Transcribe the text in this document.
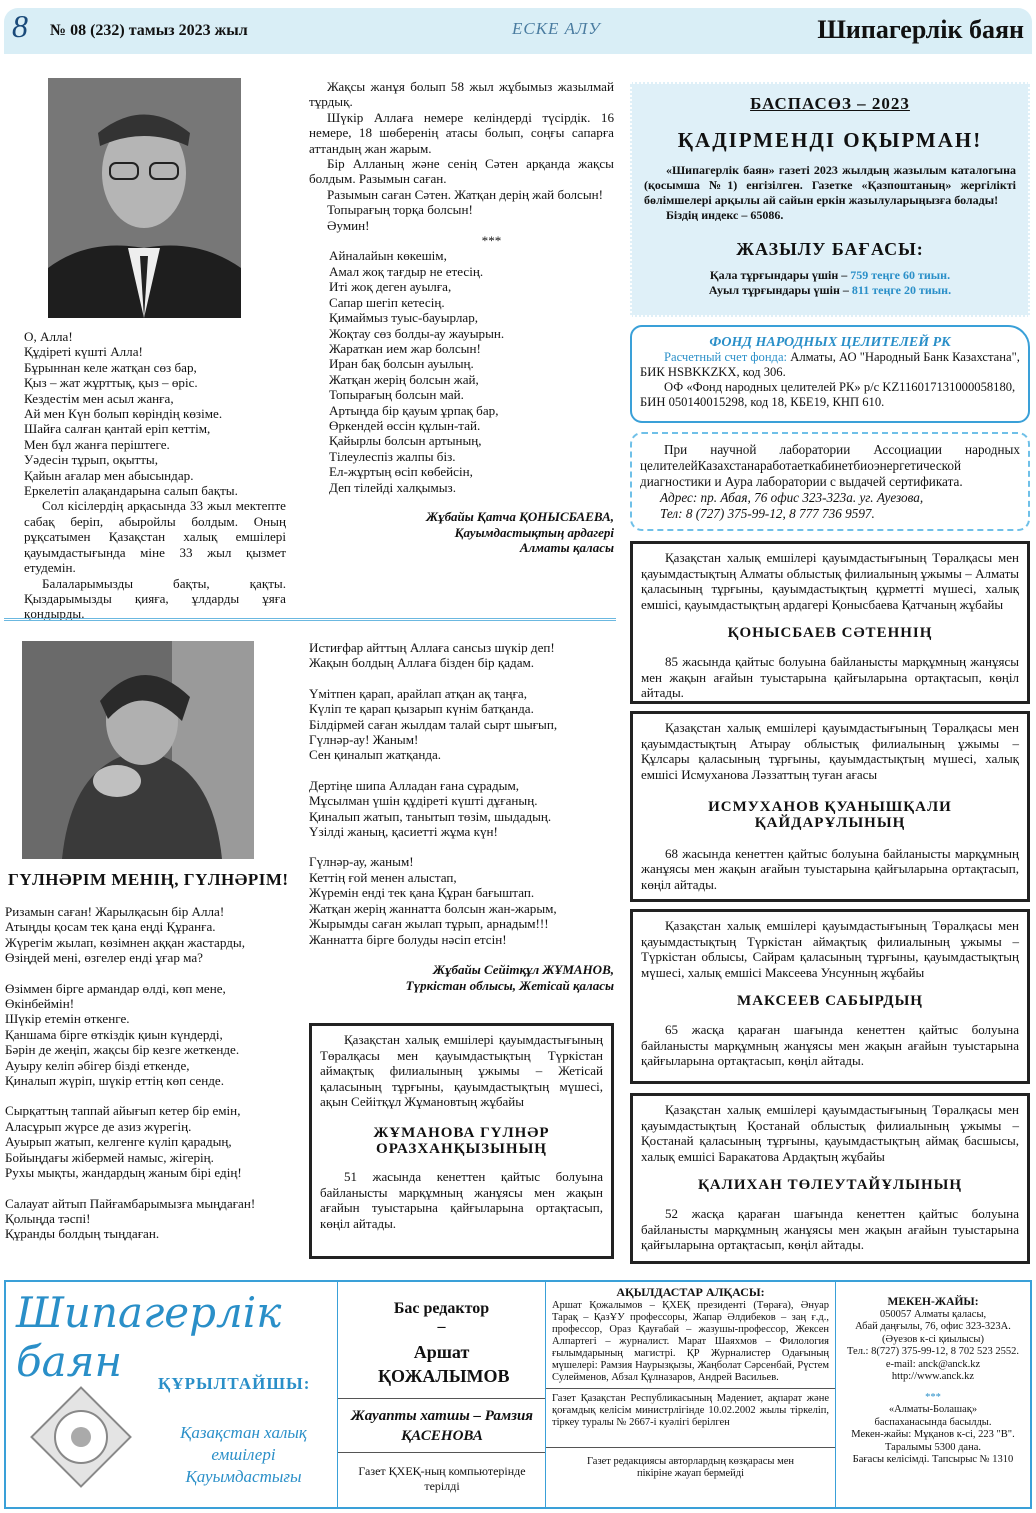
8 № 08 (232) тамыз 2023 жыл	ЕСКЕ АЛУ	Шипагерлік баян
О, Алла!
Құдіреті күшті Алла!
Бұрыннан келе жатқан сөз бар,
Қыз – жат жұрттық, қыз – өріс.
Кездестім мен асыл жанға,
Ай мен Күн болып көріндің көзіме.
Шайға салған қантай еріп кеттім,
Мен бұл жанға періштеге.
Уәдесін тұрып, оқытты,
Қайын ағалар мен абысындар.
Еркелетіп алақандарына салып бақты.

Сол кісілердің арқасында 33 жыл мектепте сабақ беріп, абыройлы болдым. Оның рұқсатымен Қазақстан халық емшілері қауымдастығында міне 33 жыл қызмет етудемін.

Балаларымызды бақты, қақты. Қыздарымызды қияға, ұлдарды ұяға қондырды.

Жақсы жанұя болып 58 жыл жұбымыз жазылмай тұрдық.
Шүкір Аллаға немере келіндерді түсірдік. 16 немере, 18 шөберенің атасы болып, соңғы сапарға аттандың жан жарым.
Бір Алланың және сенің Сәтен арқанда жақсы болдым. Разымын саған.
Разымын саған Сәтен. Жатқан дерің жай болсын!
Топырағың торқа болсын!
Әумин!
***
Айналайын көкешім,
Амал жоқ тағдыр не етесің.
Иті жоқ деген ауылға,
Сапар шегіп кетесің.
Қимаймыз туыс-бауырлар,
Жоқтау сөз болды-ау жауырын.
Жараткан ием жар болсын!
Иран бақ болсын ауылың.
Жатқан жерің болсын жай,
Топырағың болсын май.
Артыңда бір қауым ұрпақ бар,
Өркендей өссін құлын-тай.
Қайырлы болсын артының,
Тілеулеспіз жалпы біз.
Ел-жұртың өсіп көбейсін,
Деп тілейді халқымыз.
Жұбайы Қатча ҚОНЫСБАЕВА,
Қауымдастықтың ардагері
Алматы қаласы
БАСПАСӨЗ – 2023
ҚАДІРМЕНДІ ОҚЫРМАН!

«Шипагерлік баян» газеті 2023 жылдың жазылым каталогына (қосымша №1) енгізілген. Газетке «Қазпоштаның» жергілікті бөлімшелері арқылы ай сайын еркін жазылуларыңызға болады!

Біздің индекс – 65086.

ЖАЗЫЛУ БАҒАСЫ:
Қала тұрғындары үшін – 759 теңге 60 тиын.
Ауыл тұрғындары үшін – 811 теңге 20 тиын.
ФОНД НАРОДНЫХ ЦЕЛИТЕЛЕЙ РК

Расчетный счет фонда: Алматы, АО "Народный Банк Казахстана", БИК HSBKKZKX, код 306.

ОФ «Фонд народных целителей РК» р/с KZ116017131000058180, БИН 050140015298, код 18, КБЕ19, КНП 610.

При научной лаборатории Ассоциации народных целителейКазахстанаработаеткабинетбиоэнергетической диагностики и Аура лаборатории с выдачей сертификата.

Адрес: пр. Абая, 76 офис 323-323а. уг. Ауезова,

Тел: 8 (727) 375-99-12, 8 777 736 9597.

Қазақстан халық емшілері қауымдастығының Төралқасы мен қауымдастықтың Алматы облыстық филиалының ұжымы – Алматы қаласының тұрғыны, қауымдастықтың құрметті мүшесі, халық емшісі, қауымдастықтың ардагері Қонысбаева Қатчаның жұбайы

ҚОНЫСБАЕВ СӘТЕННІҢ

85 жасында қайтыс болуына байланысты марқұмның жанұясы мен жақын ағайын туыстарына қайғыларына ортақтасып, көңіл айтады.

Қазақстан халық емшілері қауымдастығының Төралқасы мен қауымдастықтың Атырау облыстық филиалының ұжымы – Құлсары қаласының тұрғыны, қауымдастықтың мүшесі, халық емшісі Исмуханова Ләззаттың туған ағасы

ИСМУХАНОВ ҚУАНЫШҚАЛИ ҚАЙДАРҰЛЫНЫҢ

68 жасында кенеттен қайтыс болуына байланысты марқұмның жанұясы мен жақын ағайын туыстарына қайғыларына ортақтасып, көңіл айтады.

Қазақстан халық емшілері қауымдастығының Төралқасы мен қауымдастықтың Түркістан аймақтық филиалының ұжымы – Түркістан облысы, Сайрам қаласының тұрғыны, қауымдастықтың мүшесі, халық емшісі Максеева Унсунның жұбайы

МАКСЕЕВ САБЫРДЫҢ

65 жасқа қараған шағында кенеттен қайтыс болуына байланысты марқұмның жанұясы мен жақын ағайын туыстарына қайғыларына ортақтасып, көңіл айтады.

Қазақстан халық емшілері қауымдастығының Төралқасы мен қауымдастықтың Қостанай облыстық филиалының ұжымы – Қостанай қаласының тұрғыны, қауымдастықтың аймақ басшысы, халық емшісі Баракатова Ардақтың жұбайы

ҚАЛИХАН ТӨЛЕУТАЙҰЛЫНЫҢ

52 жасқа қараған шағында кенеттен қайтыс болуына байланысты марқұмның жанұясы мен жақын ағайын туыстарына қайғыларына ортақтасып, көңіл айтады.

ГҮЛНӘРІМ МЕНІҢ, ГҮЛНӘРІМ!
Ризамын саған! Жарылқасын бір Алла!
Атыңды қосам тек қана еңді Құранға.
Жүрегім жылап, көзімнен аққан жастарды,
Өзіңдей мені, өзгелер енді ұғар ма?
Өзіммен бірге армандар өлді, көп мене,
Өкінбеймін!
Шүкір етемін өткенге.
Қаншама бірге өткіздік қиын күндерді,
Бәрін де жеңіп, жақсы бір кезге жеткенде.
Ауыру келіп әбігер бізді еткенде,
Қиналып жүріп, шүкір еттің көп сенде.
Сырқаттың таппай айығып кетер бір емін,
Аласұрып жүрсе де азиз жүрегің.
Ауырып жатып, келгенге күліп қарадың,
Бойыңдағы жібермей намыс, жігерің.
Рухы мықты, жандардың жаным бірі едің!
Салауат айтып Пайғамбарымызға мыңдаған!
Қолыңда тәспі!
Құранды болдың тыңдаған.
Истиғфар айттың Аллаға сансыз шүкір деп!
Жақын болдың Аллаға бізден бір қадам.
Үмітпен қарап, арайлап атқан ақ таңға,
Күліп те қарап қызарып күнім батқанда.
Білдірмей саған жылдам талай сырт шығып,
Гүлнәр-ау! Жаным!
Сен қиналып жатқанда.
Дертіңе шипа Алладан ғана сұрадым,
Мұсылман үшін құдіреті күшті дұғаның.
Қиналып жатып, танытып төзім, шыдадың.
Үзілді жаның, қасиетті жұма күн!
Гүлнәр-ау, жаным!
Кеттің ғой менен алыстап,
Жүремін енді тек қана Құран бағыштап.
Жатқан жерің жаннатта болсын жан-жарым,
Жырымды саған жылап тұрып, арнадым!!!
Жаннатта бірге болуды нәсіп етсін!
Жұбайы Сейітқұл ЖҰМАНОВ,
Түркістан облысы, Жетісай қаласы

Қазақстан халық емшілері қауымдастығының Төралқасы мен қауымдастықтың Түркістан аймақтық филиалының ұжымы – Жетісай қаласының тұрғыны, қауымдастықтың мүшесі, ақын Сейітқұл Жұмановтың жұбайы

ЖҰМАНОВА ГҮЛНӘР ОРАЗХАНҚЫЗЫНЫҢ

51 жасында кенеттен қайтыс болуына байланысты марқұмның жанұясы мен жақын ағайын туыстарына қайғыларына ортақтасып, көңіл айтады.

Шипагерлік баян	ҚҰРЫЛТАЙШЫ:
Қазақстан халық емшілері Қауымдастығы
Бас редактор
–
Аршат ҚОЖАЛЫМОВ
Жауапты хатшы – Рамзия ҚАСЕНОВА
Газет ҚХЕҚ-ның компьютерінде терілді
АҚЫЛДАСТАР АЛҚАСЫ:

Аршат Қожалымов – ҚХЕҚ президенті (Төраға), Әнуар Тарақ – ҚазҰУ профессоры, Жапар Әлдибеков – заң ғ.д., профессор, Ораз Қауғабай – жазушы-профессор, Жексен Алпартегі – журналист. Марат Шаяхмов – Филология ғылымдарының магистрі. ҚР Журналистер Одағының мүшелері: Рамзия Наурызқызы, Жаңболат Сәрсенбай, Рүстем Сулейменов, Абзал Құлназаров, Андрей Васильев.

Газет Қазақстан Республикасының Мәдениет, ақпарат және қоғамдық келісім министрлігінде 10.02.2002 жылы тіркеліп, тіркеу туралы № 2667-і куәлігі берілген

Газет редакциясы авторлардың көзқарасы мен пікіріне жауап бермейді

МЕКЕН-ЖАЙЫ:
050057 Алматы қаласы,
Абай даңғылы, 76, офис 323-323А.
(Әуезов к-сі қиылысы)
Тел.: 8(727) 375-99-12, 8 702 523 2552.
e-mail: anck@anck.kz
http://www.anck.kz
***
«Алматы-Болашақ»
баспаханасында басылды.
Мекен-жайы: Мұқанов к-сі, 223 "В".
Таралымы 5300 дана.
Бағасы келісімді. Тапсырыс № 1310
